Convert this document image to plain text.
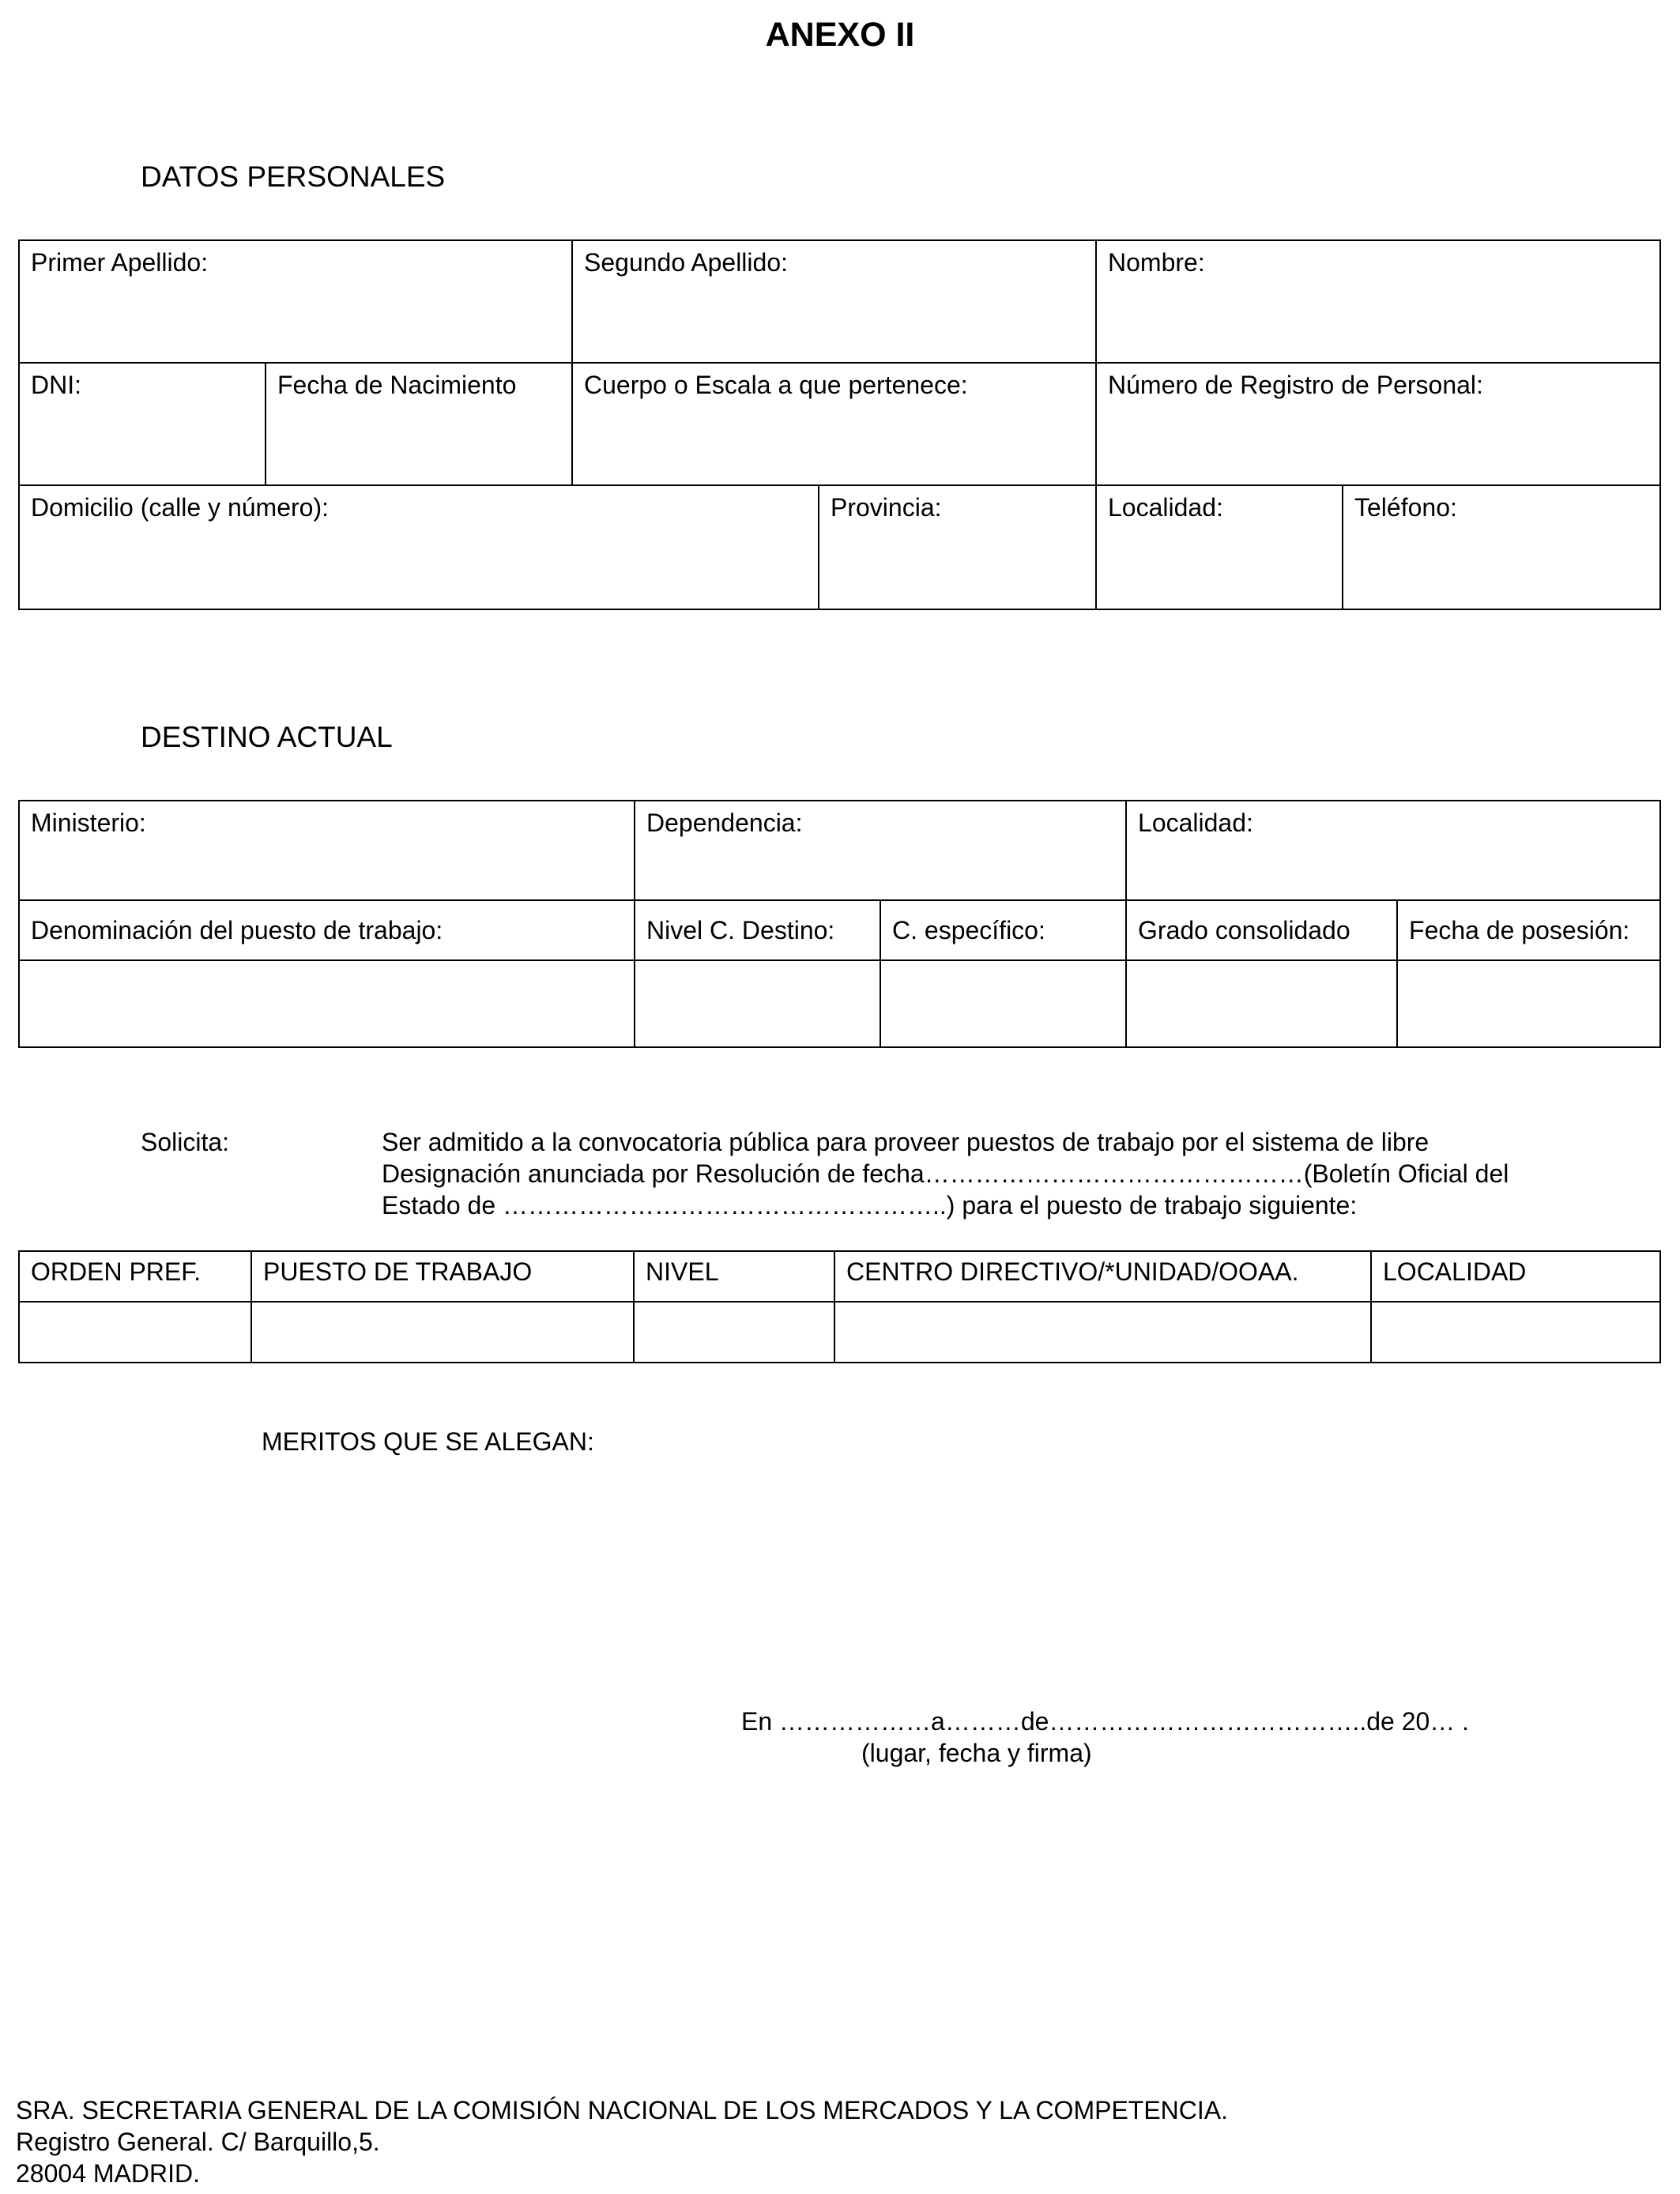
ANEXO II
DATOS PERSONALES
Primer Apellido:		Segundo Apellido:		Nombre:	
DNI:	Fecha de Nacimiento	Cuerpo o Escala a que pertenece:		Número de Registro de Personal:	
Domicilio (calle y número):			Provincia:	Localidad:	Teléfono:
DESTINO ACTUAL
Ministerio:	Dependencia:		Localidad:	
Denominación del puesto de trabajo:	Nivel C. Destino:	C. específico:	Grado consolidado	Fecha de posesión:

Solicita:	Ser admitido a la convocatoria pública para proveer puestos de trabajo por el sistema de libre
Designación anunciada por Resolución de fecha………………………………………(Boletín Oficial del
Estado de ……………………………………………..) para el puesto de trabajo siguiente:
ORDEN PREF.	PUESTO DE TRABAJO	NIVEL	CENTRO DIRECTIVO/*UNIDAD/OOAA.	LOCALIDAD

MERITOS QUE SE ALEGAN:
En ………………a………de………………………………..de 20… .
(lugar, fecha y firma)
SRA. SECRETARIA GENERAL DE LA COMISIÓN NACIONAL DE LOS MERCADOS Y LA COMPETENCIA.
Registro General. C/ Barquillo,5.
28004 MADRID.
